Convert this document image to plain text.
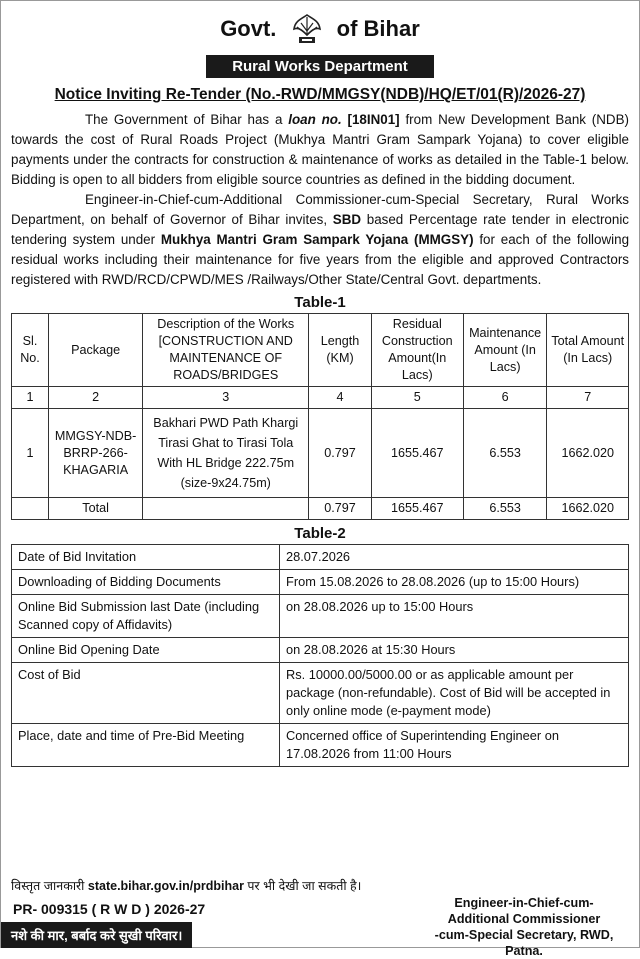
Govt.	of Bihar
Rural Works Department
Notice Inviting Re-Tender (No.-RWD/MMGSY(NDB)/HQ/ET/01(R)/2026-27)

The Government of Bihar has a loan no. [18IN01] from New Development Bank (NDB) towards the cost of Rural Roads Project (Mukhya Mantri Gram Sampark Yojana) to cover eligible payments under the contracts for construction & maintenance of works as detailed in the Table-1 below. Bidding is open to all bidders from eligible source countries as defined in the bidding document.

Engineer-in-Chief-cum-Additional Commissioner-cum-Special Secretary, Rural Works Department, on behalf of Governor of Bihar invites, SBD based Percentage rate tender in electronic tendering system under Mukhya Mantri Gram Sampark Yojana (MMGSY) for each of the following residual works including their maintenance for five years from the eligible and approved Contractors registered with RWD/RCD/CPWD/MES /Railways/Other State/Central Govt. departments.

Table-1
Sl. No.	Package	Description of the Works [CONSTRUCTION AND MAINTENANCE OF ROADS/BRIDGES	Length (KM)	Residual Construction Amount(In Lacs)	Maintenance Amount (In Lacs)	Total Amount (In Lacs)
1	2	3	4	5	6	7
1	MMGSY-NDB-BRRP-266-KHAGARIA	Bakhari PWD Path Khargi Tirasi Ghat to Tirasi Tola With HL Bridge 222.75m (size-9x24.75m)	0.797	1655.467	6.553	1662.020
	Total		0.797	1655.467	6.553	1662.020
Table-2
Date of Bid Invitation	28.07.2026
Downloading of Bidding Documents	From 15.08.2026 to 28.08.2026 (up to 15:00 Hours)
Online Bid Submission last Date (including Scanned copy of Affidavits)	on 28.08.2026 up to 15:00 Hours
Online Bid Opening Date	on 28.08.2026 at 15:30 Hours
Cost of Bid	Rs. 10000.00/5000.00 or as applicable amount per package (non-refundable). Cost of Bid will be accepted in only online mode (e-payment mode)
Place, date and time of Pre-Bid Meeting	Concerned office of Superintending Engineer on 17.08.2026 from 11:00 Hours
विस्तृत जानकारी state.bihar.gov.in/prdbihar पर भी देखी जा सकती है।
PR- 009315 ( R W D ) 2026-27
नशे की मार, बर्बाद करे सुखी परिवार।
Engineer-in-Chief-cum-
Additional Commissioner
-cum-Special Secretary, RWD, Patna.
